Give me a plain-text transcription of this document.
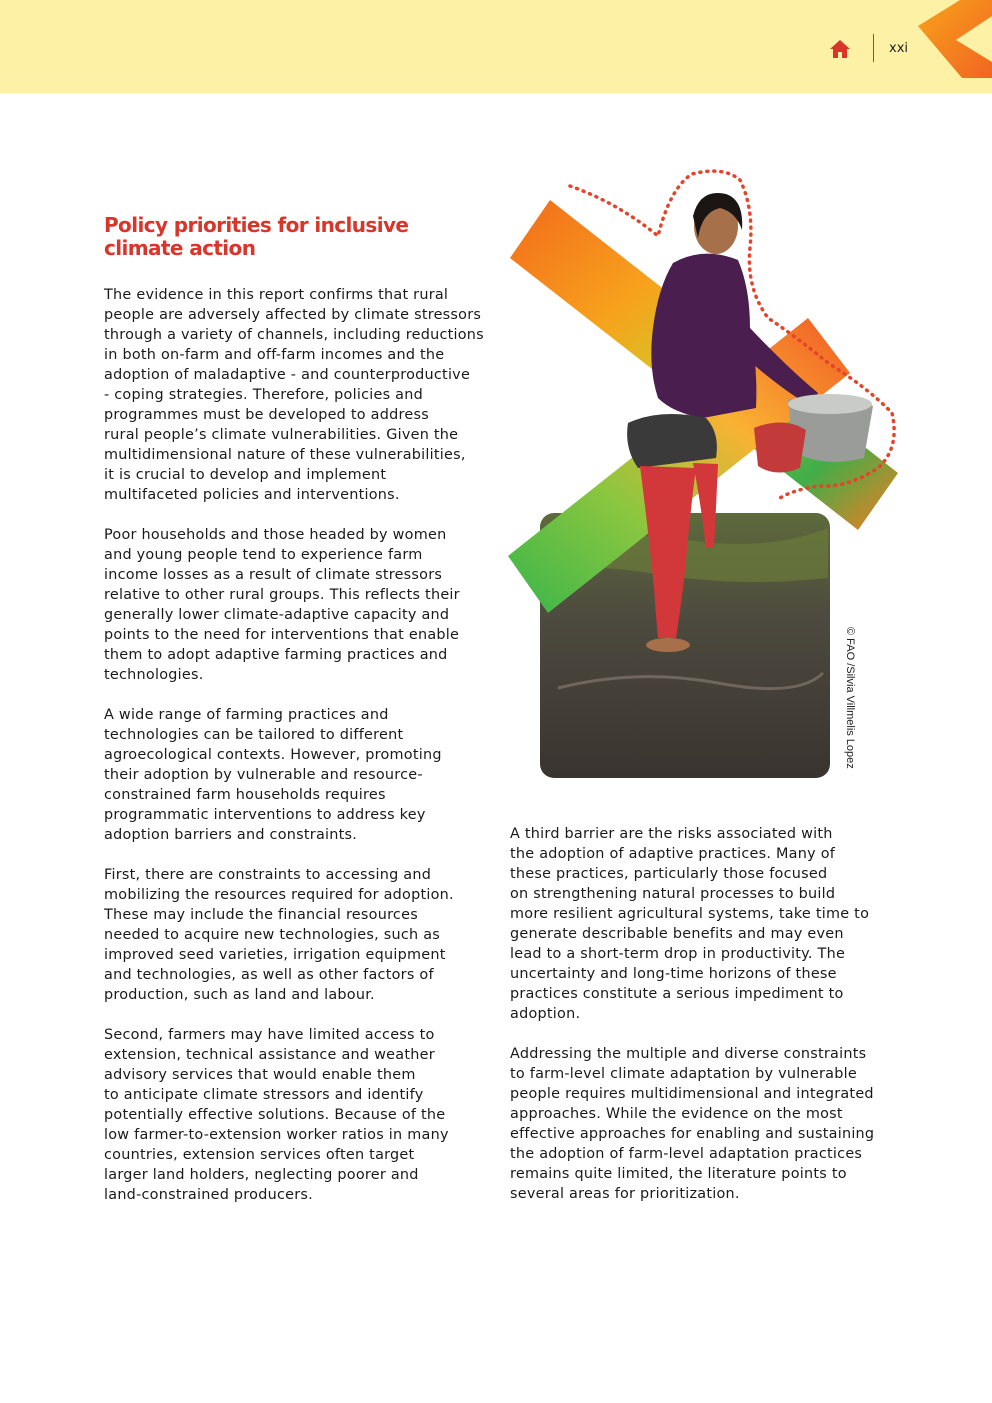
xxi
Policy priorities for inclusive climate action

The evidence in this report confirms that rural
people are adversely affected by climate stressors
through a variety of channels, including reductions
in both on-farm and off-farm incomes and the
adoption of maladaptive - and counterproductive
- coping strategies. Therefore, policies and
programmes must be developed to address
rural people’s climate vulnerabilities. Given the
multidimensional nature of these vulnerabilities,
it is crucial to develop and implement
multifaceted policies and interventions.

Poor households and those headed by women
and young people tend to experience farm
income losses as a result of climate stressors
relative to other rural groups. This reflects their
generally lower climate-adaptive capacity and
points to the need for interventions that enable
them to adopt adaptive farming practices and
technologies.

A wide range of farming practices and
technologies can be tailored to different
agroecological contexts. However, promoting
their adoption by vulnerable and resource-
constrained farm households requires
programmatic interventions to address key
adoption barriers and constraints.

First, there are constraints to accessing and
mobilizing the resources required for adoption.
These may include the financial resources
needed to acquire new technologies, such as
improved seed varieties, irrigation equipment
and technologies, as well as other factors of
production, such as land and labour.

Second, farmers may have limited access to
extension, technical assistance and weather
advisory services that would enable them
to anticipate climate stressors and identify
potentially effective solutions. Because of the
low farmer-to-extension worker ratios in many
countries, extension services often target
larger land holders, neglecting poorer and
land-constrained producers.

A third barrier are the risks associated with
the adoption of adaptive practices. Many of
these practices, particularly those focused
on strengthening natural processes to build
more resilient agricultural systems, take time to
generate describable benefits and may even
lead to a short-term drop in productivity. The
uncertainty and long-time horizons of these
practices constitute a serious impediment to
adoption.

Addressing the multiple and diverse constraints
to farm-level climate adaptation by vulnerable
people requires multidimensional and integrated
approaches. While the evidence on the most
effective approaches for enabling and sustaining
the adoption of farm-level adaptation practices
remains quite limited, the literature points to
several areas for prioritization.

© FAO /Silvia Villmelis Lopez
